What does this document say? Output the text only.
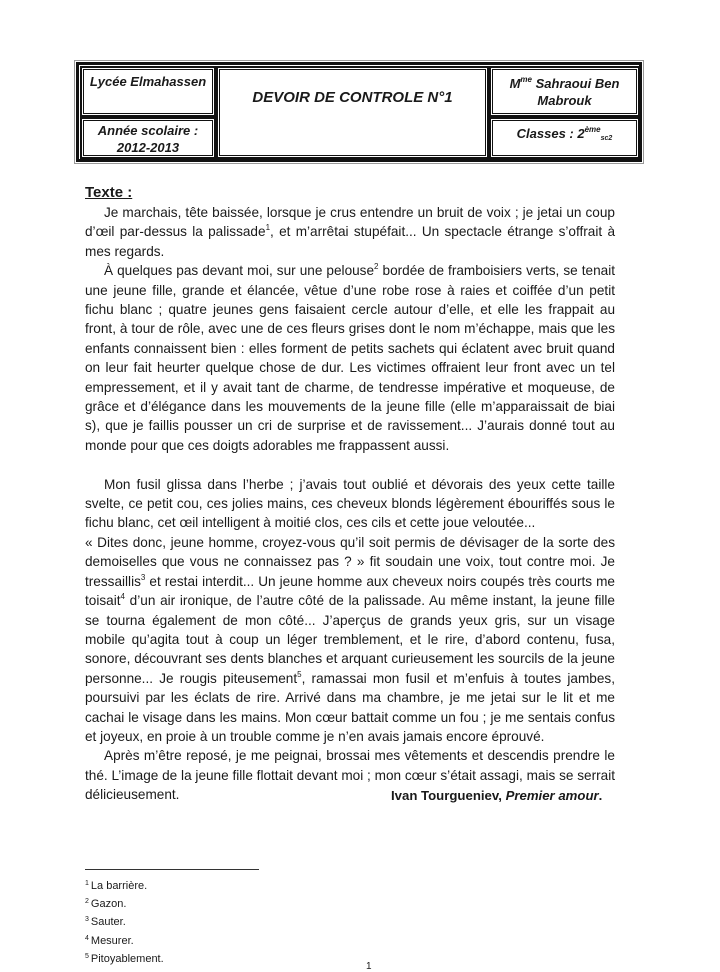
Lycée Elmahassen
Année scolaire :
2012-2013
DEVOIR DE CONTROLE N°1
$M^{me}$ Sahraoui Ben
Mabrouk
Classes : $2ème_{sc2}$
Texte :

Je marchais, tête baissée, lorsque je crus entendre un bruit de voix ; je jetai un coup d’œil par-dessus la palissade$^1$, et m’arrêtai stupéfait... Un spectacle étrange s’offrait à mes regards.

À quelques pas devant moi, sur une pelouse$^2$ bordée de framboisiers verts, se tenait une jeune fille, grande et élancée, vêtue d’une robe rose à raies et coiffée d’un petit fichu blanc ; quatre jeunes gens faisaient cercle autour d’elle, et elle les frappait au front, à tour de rôle, avec une de ces fleurs grises dont le nom m’échappe, mais que les enfants connaissent bien : elles forment de petits sachets qui éclatent avec bruit quand on leur fait heurter quelque chose de dur. Les victimes offraient leur front avec un tel empressement, et il y avait tant de charme, de tendresse impérative et moqueuse, de grâce et d’élégance dans les mouvements de la jeune fille (elle m’apparaissait de biai s), que je faillis pousser un cri de surprise et de ravissement... J’aurais donné tout au monde pour que ces doigts adorables me frappassent aussi.

Mon fusil glissa dans l’herbe ; j’avais tout oublié et dévorais des yeux cette taille svelte, ce petit cou, ces jolies mains, ces cheveux blonds légèrement ébouriffés sous le fichu blanc, cet œil intelligent à moitié clos, ces cils et cette joue veloutée...

« Dites donc, jeune homme, croyez-vous qu’il soit permis de dévisager de la sorte des demoiselles que vous ne connaissez pas ? » fit soudain une voix, tout contre moi. Je tressaillis$^3$ et restai interdit... Un jeune homme aux cheveux noirs coupés très courts me toisait$^4$ d’un air ironique, de l’autre côté de la palissade. Au même instant, la jeune fille se tourna également de mon côté... J’aperçus de grands yeux gris, sur un visage mobile qu’agita tout à coup un léger tremblement, et le rire, d’abord contenu, fusa, sonore, découvrant ses dents blanches et arquant curieusement les sourcils de la jeune personne... Je rougis piteusement$^5$, ramassai mon fusil et m’enfuis à toutes jambes, poursuivi par les éclats de rire. Arrivé dans ma chambre, je me jetai sur le lit et me cachai le visage dans les mains. Mon cœur battait comme un fou ; je me sentais confus et joyeux, en proie à un trouble comme je n’en avais jamais encore éprouvé.

Après m’être reposé, je me peignai, brossai mes vêtements et descendis prendre le thé. L’image de la jeune fille flottait devant moi ; mon cœur s’était assagi, mais se serrait délicieusement.	Ivan Tourgueniev, Premier amour.
$^1$ La barrière.
$^2$ Gazon.
$^3$ Sauter.
$^4$ Mesurer.
$^5$ Pitoyablement.
1
